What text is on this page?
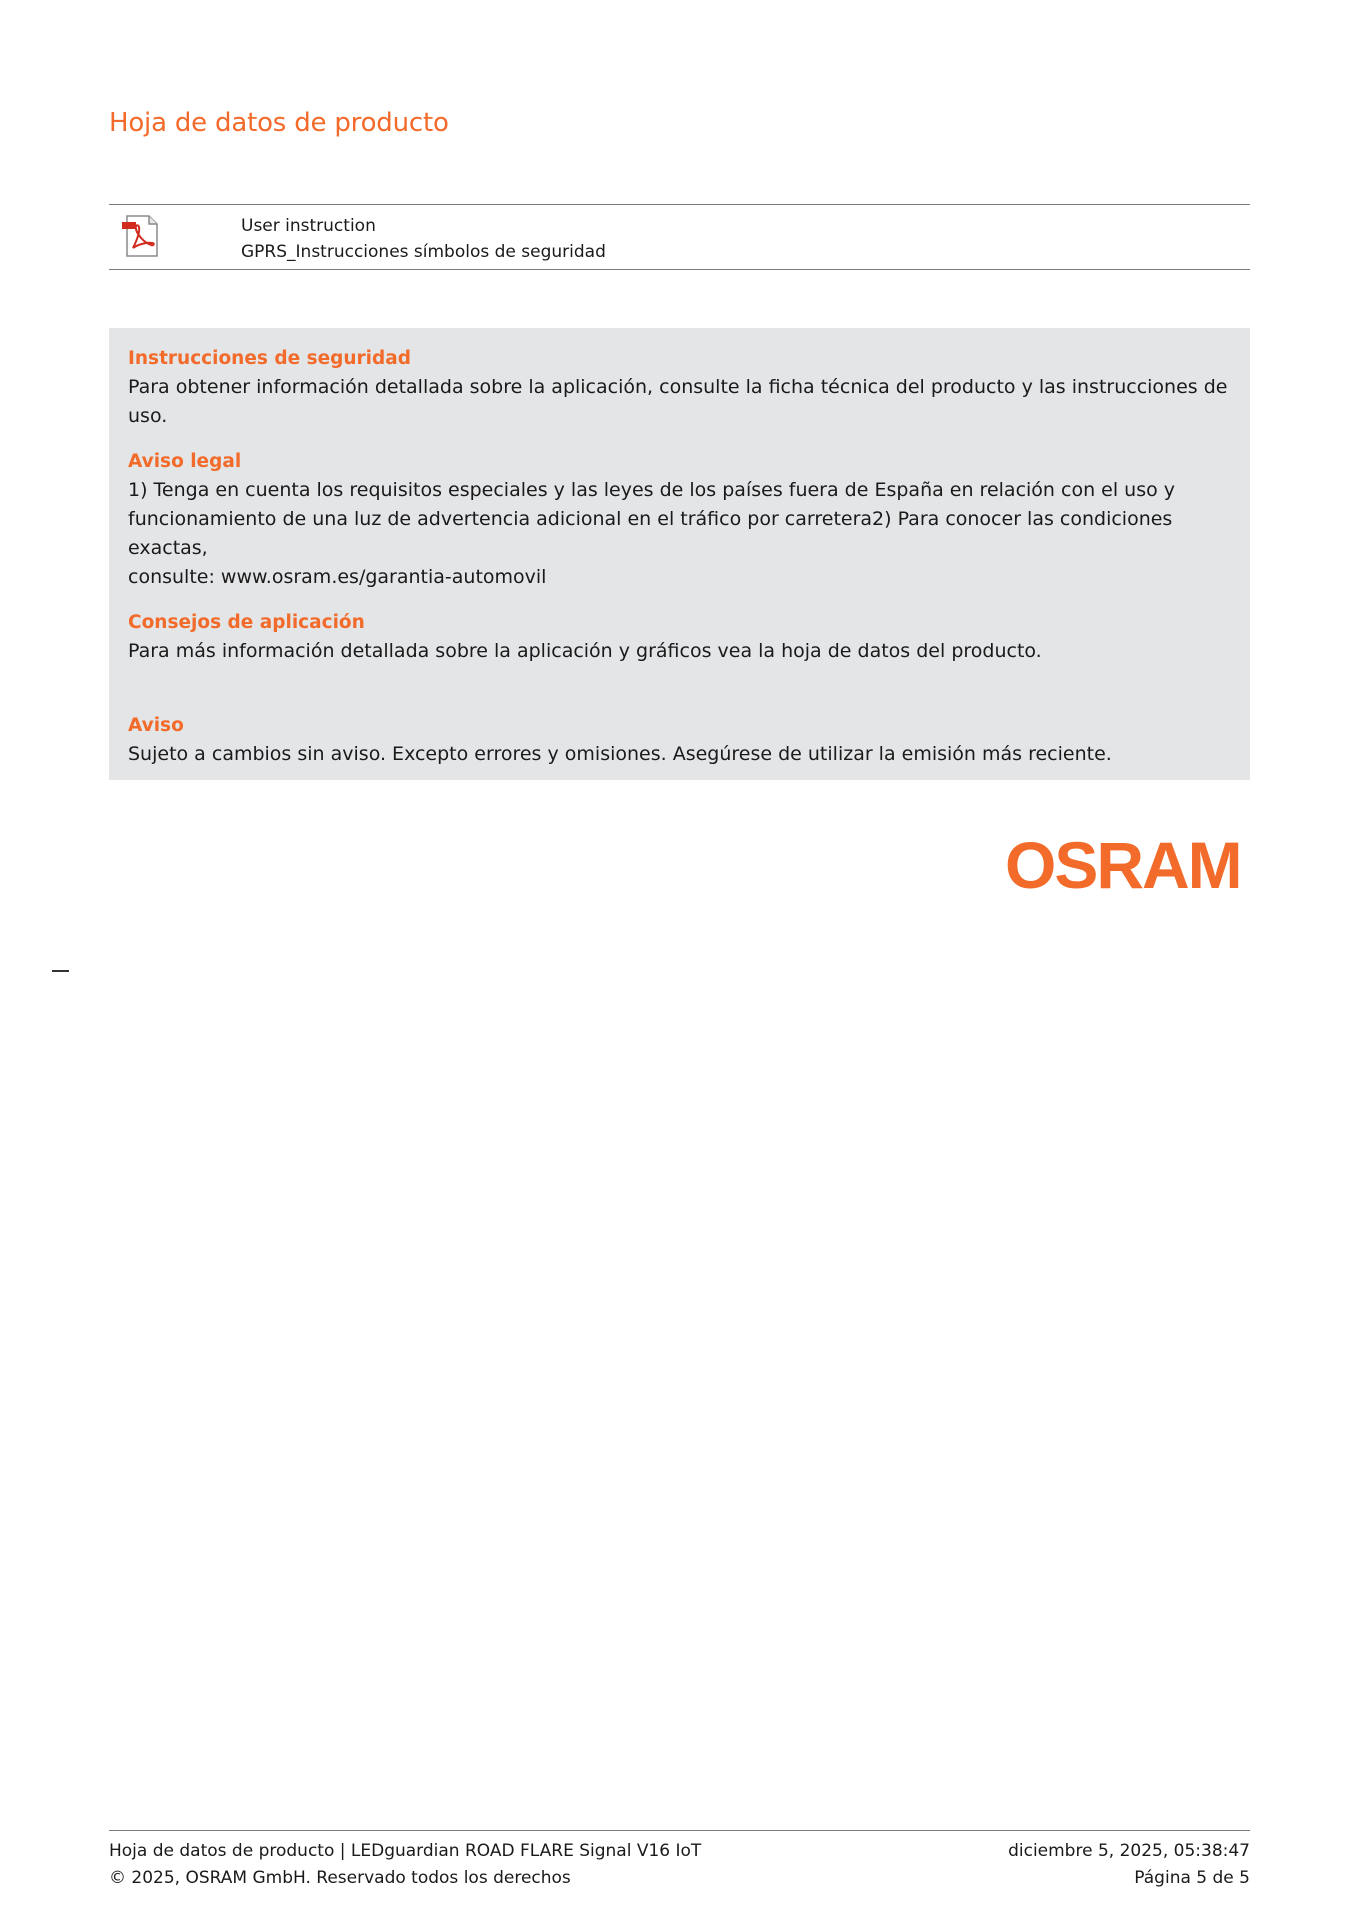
Hoja de datos de producto
User instruction
GPRS_Instrucciones símbolos de seguridad
Instrucciones de seguridad
Para obtener información detallada sobre la aplicación, consulte la ficha técnica del producto y las instrucciones de uso.
Aviso legal
1) Tenga en cuenta los requisitos especiales y las leyes de los países fuera de España en relación con el uso y
funcionamiento de una luz de advertencia adicional en el tráfico por carretera2) Para conocer las condiciones exactas,
consulte: www.osram.es/garantia-automovil
Consejos de aplicación
Para más información detallada sobre la aplicación y gráficos vea la hoja de datos del producto.
Aviso
Sujeto a cambios sin aviso. Excepto errores y omisiones. Asegúrese de utilizar la emisión más reciente.
OSRAM
Hoja de datos de producto | LEDguardian ROAD FLARE Signal V16 IoT
© 2025, OSRAM GmbH. Reservado todos los derechos
diciembre 5, 2025, 05:38:47
Página 5 de 5
